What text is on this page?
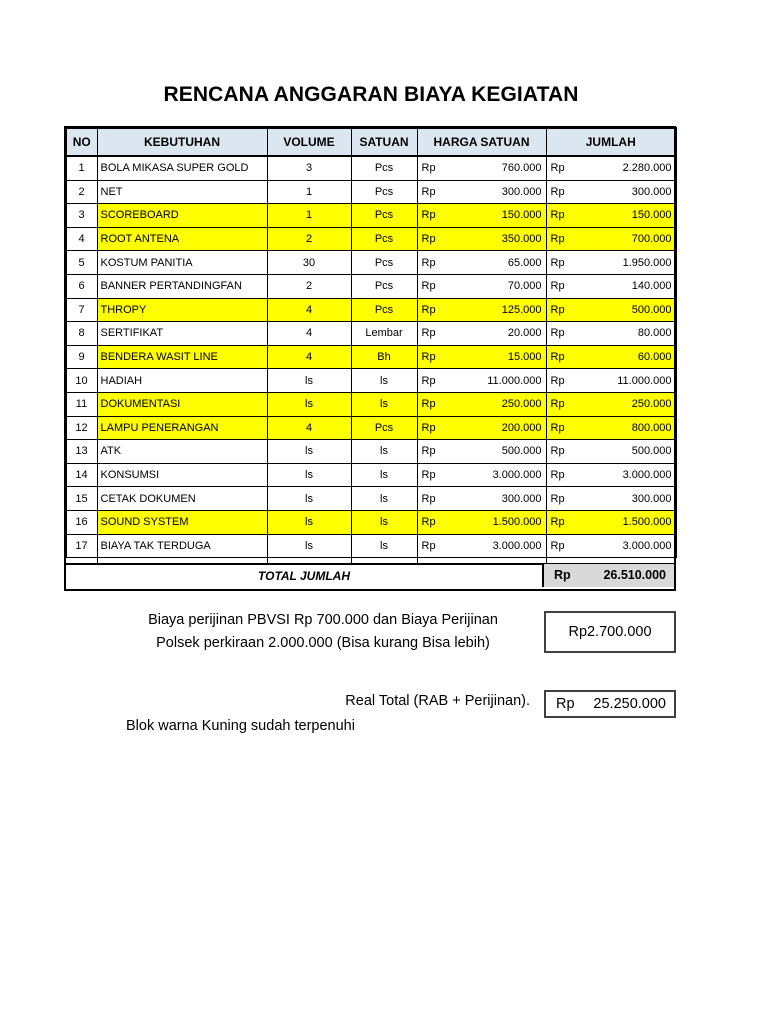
RENCANA ANGGARAN BIAYA KEGIATAN
NO	KEBUTUHAN	VOLUME	SATUAN	HARGA SATUAN		JUMLAH	
1	BOLA MIKASA SUPER GOLD	3	Pcs	Rp	760.000	Rp	2.280.000
2	NET	1	Pcs	Rp	300.000	Rp	300.000
3	SCOREBOARD	1	Pcs	Rp	150.000	Rp	150.000
4	ROOT ANTENA	2	Pcs	Rp	350.000	Rp	700.000
5	KOSTUM PANITIA	30	Pcs	Rp	65.000	Rp	1.950.000
6	BANNER PERTANDINGFAN	2	Pcs	Rp	70.000	Rp	140.000
7	THROPY	4	Pcs	Rp	125.000	Rp	500.000
8	SERTIFIKAT	4	Lembar	Rp	20.000	Rp	80.000
9	BENDERA WASIT LINE	4	Bh	Rp	15.000	Rp	60.000
10	HADIAH	ls	ls	Rp	11.000.000	Rp	11.000.000
11	DOKUMENTASI	ls	ls	Rp	250.000	Rp	250.000
12	LAMPU PENERANGAN	4	Pcs	Rp	200.000	Rp	800.000
13	ATK	ls	ls	Rp	500.000	Rp	500.000
14	KONSUMSI	ls	ls	Rp	3.000.000	Rp	3.000.000
15	CETAK DOKUMEN	ls	ls	Rp	300.000	Rp	300.000
16	SOUND SYSTEM	ls	ls	Rp	1.500.000	Rp	1.500.000
17	BIAYA TAK TERDUGA	ls	ls	Rp	3.000.000	Rp	3.000.000
TOTAL JUMLAH	Rp	26.510.000
Biaya perijinan PBVSI Rp 700.000 dan Biaya Perijinan
Polsek perkiraan 2.000.000 (Bisa kurang Bisa lebih)
Rp2.700.000
Real Total (RAB + Perijinan). Rp 25.250.000
Blok warna Kuning sudah terpenuhi
